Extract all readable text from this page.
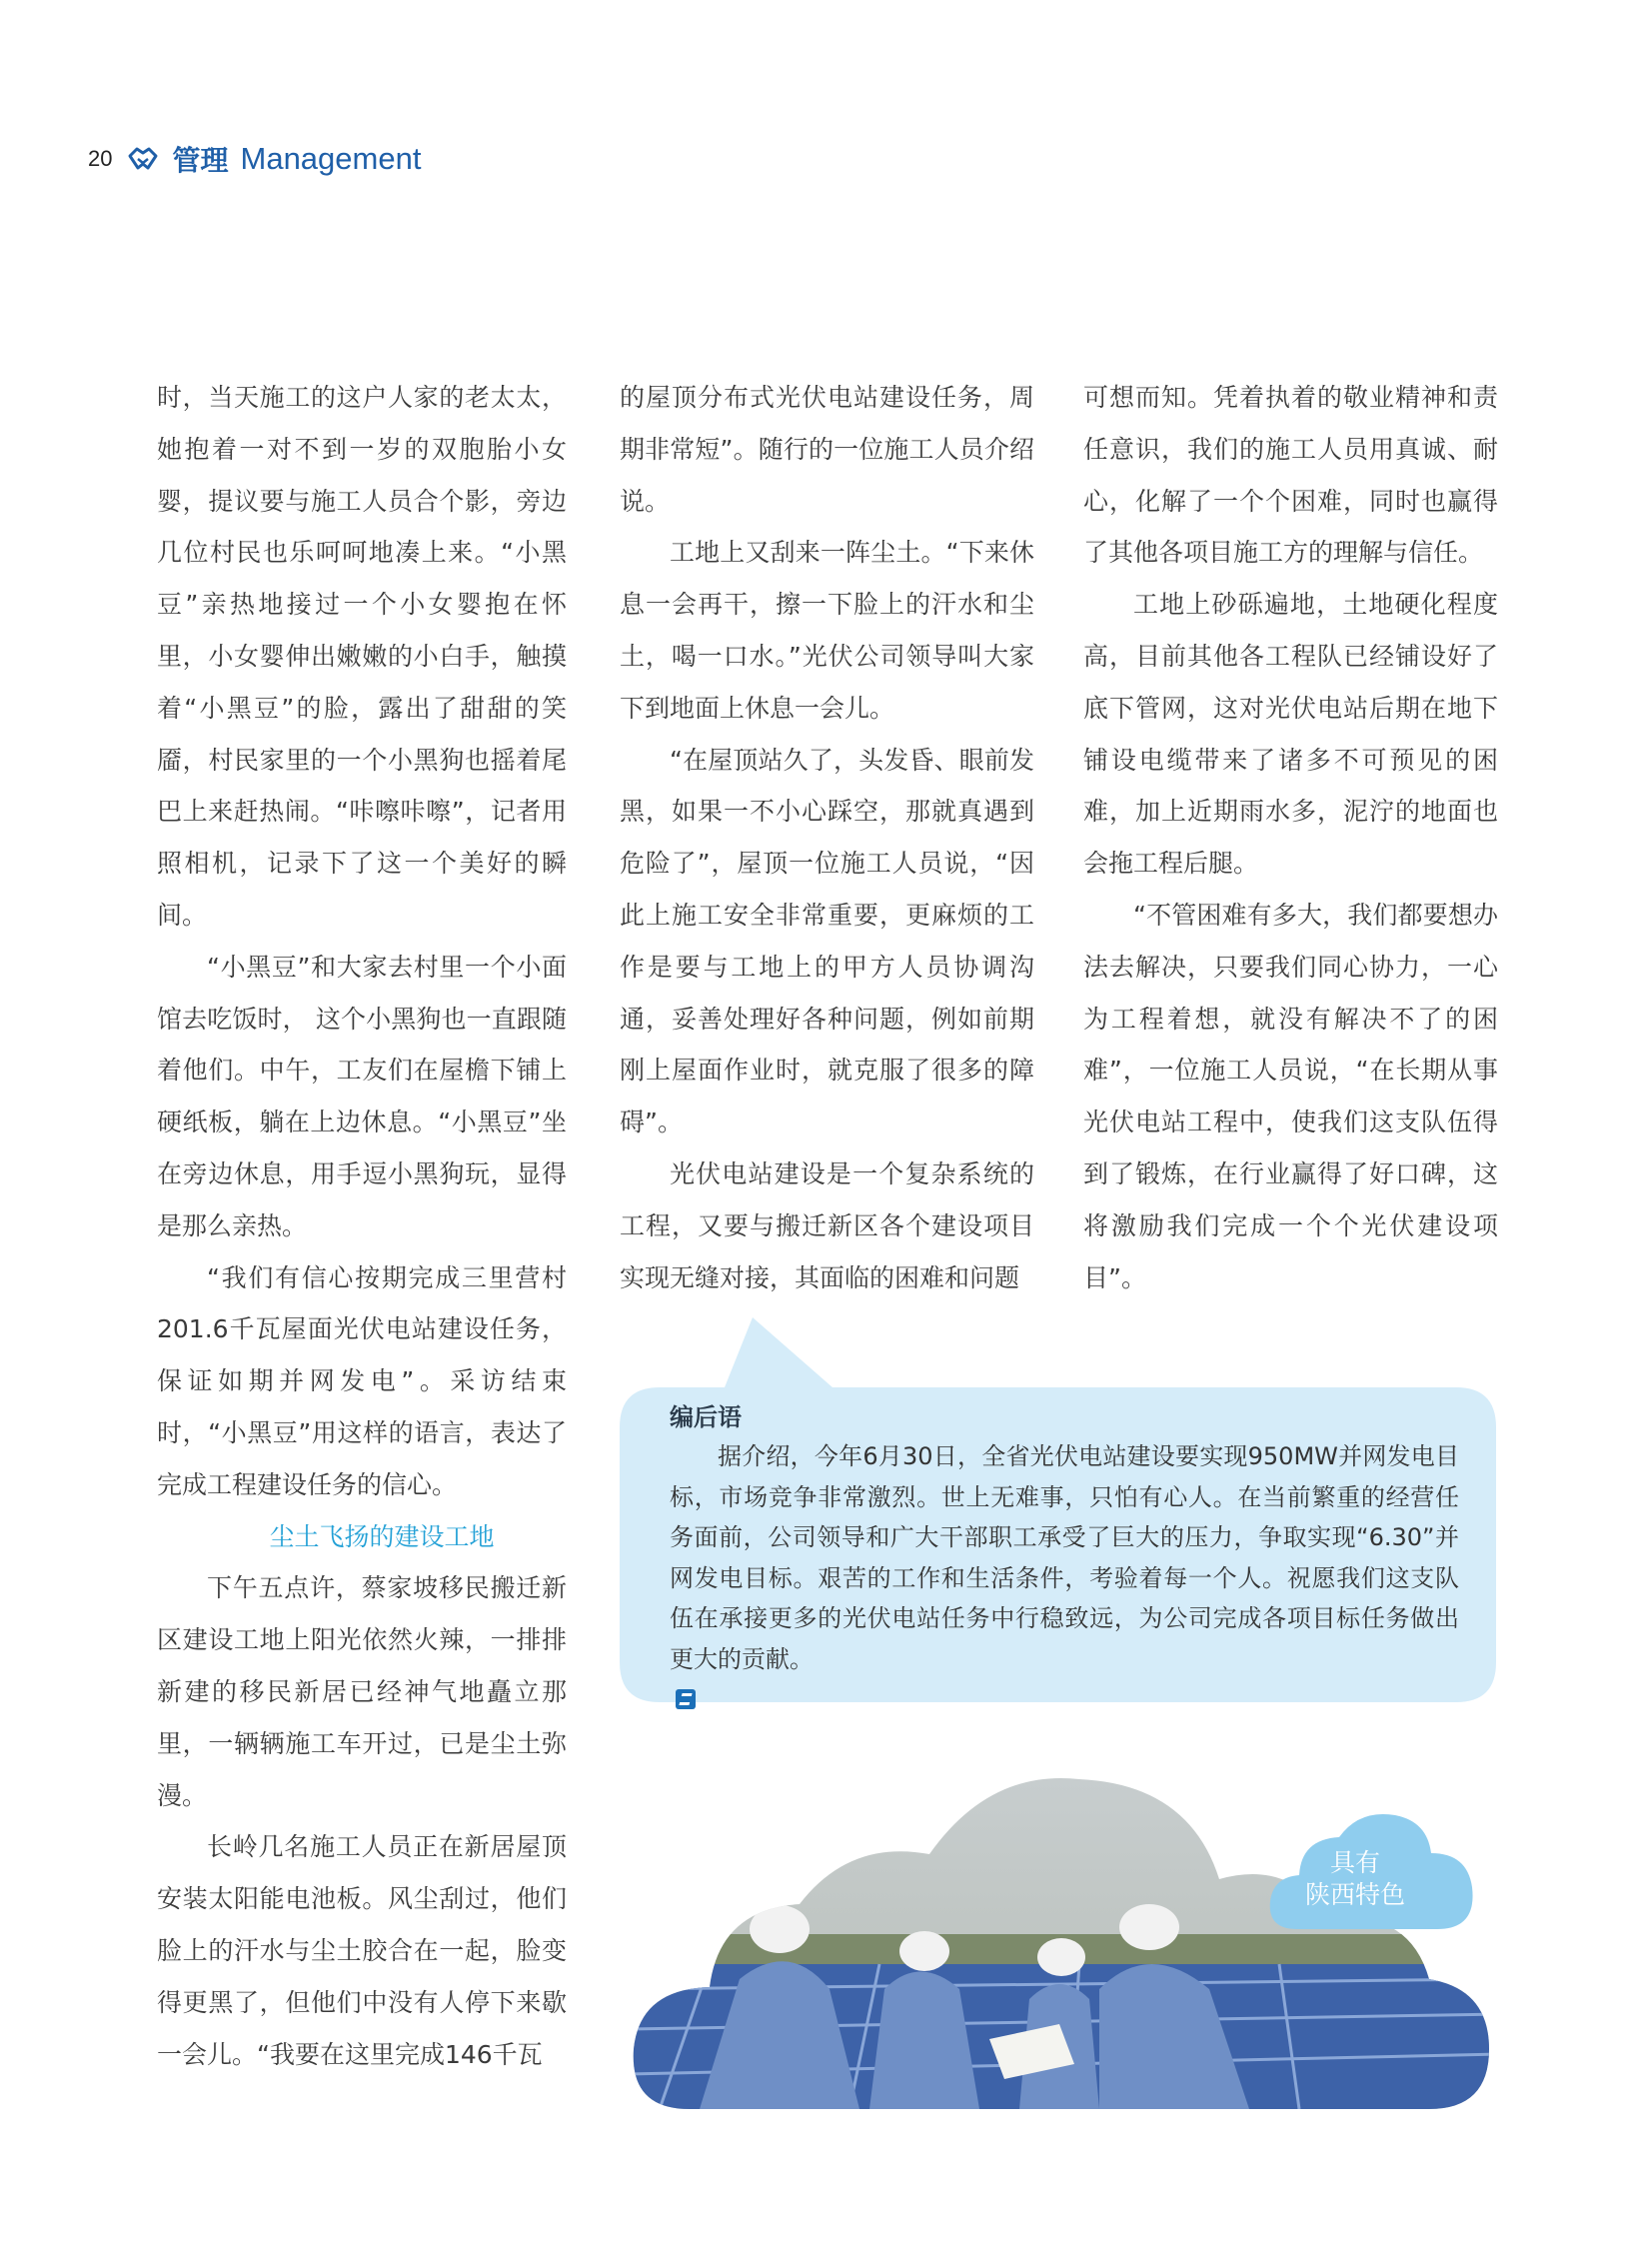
20 管理 Management

时，当天施工的这户人家的老太太，她抱着一对不到一岁的双胞胎小女婴，提议要与施工人员合个影，旁边几位村民也乐呵呵地凑上来。“小黑豆”亲热地接过一个小女婴抱在怀里，小女婴伸出嫩嫩的小白手，触摸着“小黑豆”的脸，露出了甜甜的笑靥，村民家里的一个小黑狗也摇着尾巴上来赶热闹。“咔嚓咔嚓”，记者用照相机，记录下了这一个美好的瞬间。

“小黑豆”和大家去村里一个小面馆去吃饭时， 这个小黑狗也一直跟随着他们。中午，工友们在屋檐下铺上硬纸板，躺在上边休息。“小黑豆”坐在旁边休息，用手逗小黑狗玩，显得是那么亲热。

“我们有信心按期完成三里营村201.6千瓦屋面光伏电站建设任务，保证如期并网发电”。采访结束时，“小黑豆”用这样的语言，表达了完成工程建设任务的信心。

尘土飞扬的建设工地

下午五点许，蔡家坡移民搬迁新区建设工地上阳光依然火辣，一排排新建的移民新居已经神气地矗立那里，一辆辆施工车开过，已是尘土弥漫。

长岭几名施工人员正在新居屋顶安装太阳能电池板。风尘刮过，他们脸上的汗水与尘土胶合在一起，脸变得更黑了，但他们中没有人停下来歇一会儿。“我要在这里完成146千瓦

的屋顶分布式光伏电站建设任务，周期非常短”。随行的一位施工人员介绍说。

工地上又刮来一阵尘土。“下来休息一会再干，擦一下脸上的汗水和尘土，喝一口水。”光伏公司领导叫大家下到地面上休息一会儿。

“在屋顶站久了，头发昏、眼前发黑，如果一不小心踩空，那就真遇到危险了”，屋顶一位施工人员说，“因此上施工安全非常重要，更麻烦的工作是要与工地上的甲方人员协调沟通，妥善处理好各种问题，例如前期刚上屋面作业时，就克服了很多的障碍”。

光伏电站建设是一个复杂系统的工程，又要与搬迁新区各个建设项目实现无缝对接，其面临的困难和问题

可想而知。凭着执着的敬业精神和责任意识，我们的施工人员用真诚、耐心，化解了一个个困难，同时也赢得了其他各项目施工方的理解与信任。

工地上砂砾遍地，土地硬化程度高，目前其他各工程队已经铺设好了底下管网，这对光伏电站后期在地下铺设电缆带来了诸多不可预见的困难，加上近期雨水多，泥泞的地面也会拖工程后腿。

“不管困难有多大，我们都要想办法去解决，只要我们同心协力，一心为工程着想，就没有解决不了的困难”，一位施工人员说，“在长期从事光伏电站工程中，使我们这支队伍得到了锻炼，在行业赢得了好口碑，这将激励我们完成一个个光伏建设项目”。

编后语
据介绍，今年6月30日，全省光伏电站建设要实现950MW并网发电目标，市场竞争非常激烈。世上无难事，只怕有心人。在当前繁重的经营任务面前，公司领导和广大干部职工承受了巨大的压力，争取实现“6.30”并网发电目标。艰苦的工作和生活条件，考验着每一个人。祝愿我们这支队伍在承接更多的光伏电站任务中行稳致远，为公司完成各项目标任务做出更大的贡献。
具有
陕西特色
